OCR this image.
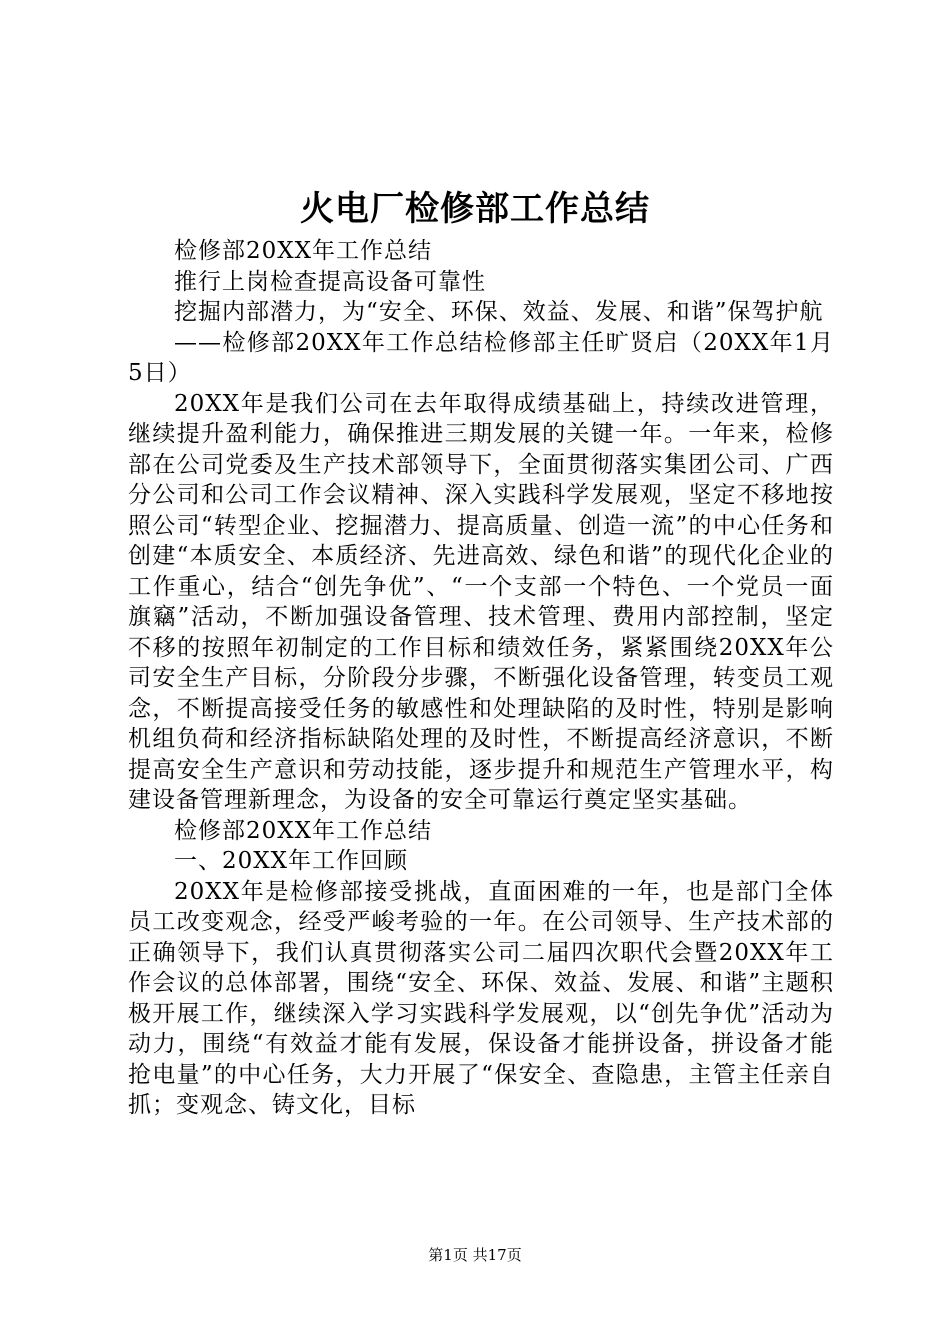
火电厂检修部工作总结

检修部20XX年工作总结

推行上岗检查提高设备可靠性

挖掘内部潜力，为“安全、环保、效益、发展、和谐”保驾护航

——检修部20XX年工作总结检修部主任旷贤启（20XX年1月5日）

20XX年是我们公司在去年取得成绩基础上，持续改进管理，继续提升盈利能力，确保推进三期发展的关键一年。一年来，检修部在公司党委及生产技术部领导下，全面贯彻落实集团公司、广西分公司和公司工作会议精神、深入实践科学发展观，坚定不移地按照公司“转型企业、挖掘潜力、提高质量、创造一流”的中心任务和创建“本质安全、本质经济、先进高效、绿色和谐”的现代化企业的工作重心，结合“创先争优”、“一个支部一个特色、一个党员一面旗竊”活动，不断加强设备管理、技术管理、费用内部控制，坚定不移的按照年初制定的工作目标和绩效任务，紧紧围绕20XX年公司安全生产目标，分阶段分步骤，不断强化设备管理，转变员工观念，不断提高接受任务的敏感性和处理缺陷的及时性，特别是影响机组负荷和经济指标缺陷处理的及时性，不断提高经济意识，不断提高安全生产意识和劳动技能，逐步提升和规范生产管理水平，构建设备管理新理念，为设备的安全可靠运行奠定坚实基础。

检修部20XX年工作总结

一、20XX年工作回顾

20XX年是检修部接受挑战，直面困难的一年，也是部门全体员工改变观念，经受严峻考验的一年。在公司领导、生产技术部的正确领导下，我们认真贯彻落实公司二届四次职代会暨20XX年工作会议的总体部署，围绕“安全、环保、效益、发展、和谐”主题积极开展工作，继续深入学习实践科学发展观，以“创先争优”活动为动力，围绕“有效益才能有发展，保设备才能拼设备，拼设备才能抢电量”的中心任务，大力开展了“保安全、查隐患，主管主任亲自抓；变观念、铸文化，目标

第1页 共17页
